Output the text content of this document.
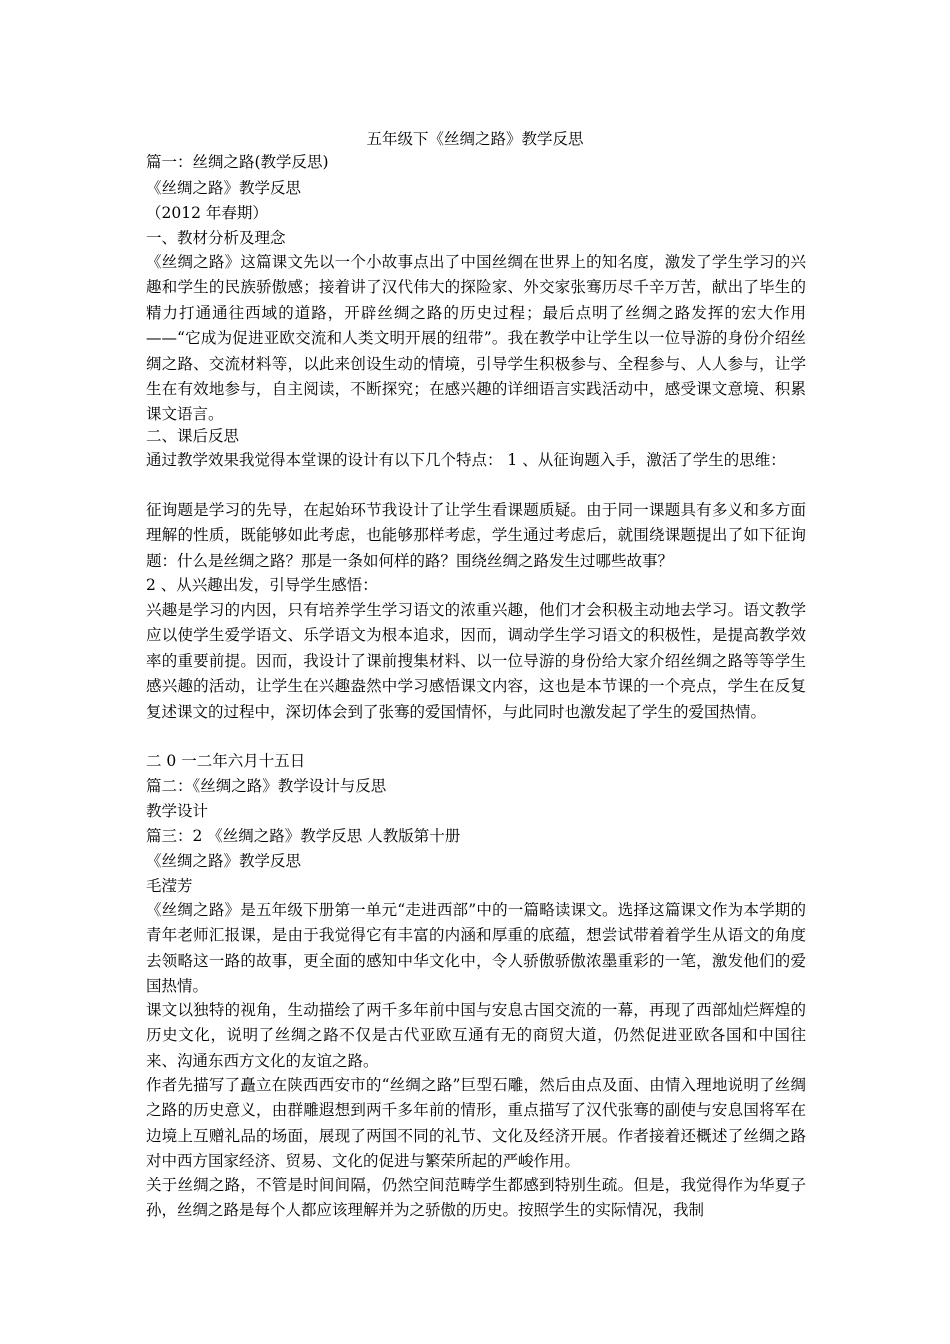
五年级下《丝绸之路》教学反思
篇一：丝绸之路(教学反思)
《丝绸之路》教学反思
（2012 年春期）
一、教材分析及理念
《丝绸之路》这篇课文先以一个小故事点出了中国丝绸在世界上的知名度，激发了学生学习的兴趣和学生的民族骄傲感；接着讲了汉代伟大的探险家、外交家张骞历尽千辛万苦，献出了毕生的精力打通通往西域的道路，开辟丝绸之路的历史过程；最后点明了丝绸之路发挥的宏大作用——“它成为促进亚欧交流和人类文明开展的纽带”。我在教学中让学生以一位导游的身份介绍丝绸之路、交流材料等，以此来创设生动的情境，引导学生积极参与、全程参与、人人参与，让学生在有效地参与，自主阅读，不断探究；在感兴趣的详细语言实践活动中，感受课文意境、积累课文语言。
二、课后反思
通过教学效果我觉得本堂课的设计有以下几个特点： 1 、从征询题入手，激活了学生的思维：
征询题是学习的先导，在起始环节我设计了让学生看课题质疑。由于同一课题具有多义和多方面理解的性质，既能够如此考虑，也能够那样考虑，学生通过考虑后，就围绕课题提出了如下征询题：什么是丝绸之路？那是一条如何样的路？围绕丝绸之路发生过哪些故事？
2 、从兴趣出发，引导学生感悟：
兴趣是学习的内因，只有培养学生学习语文的浓重兴趣，他们才会积极主动地去学习。语文教学应以使学生爱学语文、乐学语文为根本追求，因而，调动学生学习语文的积极性，是提高教学效率的重要前提。因而，我设计了课前搜集材料、以一位导游的身份给大家介绍丝绸之路等等学生感兴趣的活动，让学生在兴趣盎然中学习感悟课文内容，这也是本节课的一个亮点，学生在反复复述课文的过程中，深切体会到了张骞的爱国情怀，与此同时也激发起了学生的爱国热情。
二 0 一二年六月十五日
篇二：《丝绸之路》教学设计与反思
教学设计
篇三：2 《丝绸之路》教学反思 人教版第十册
《丝绸之路》教学反思
毛滢芳
《丝绸之路》是五年级下册第一单元“走进西部”中的一篇略读课文。选择这篇课文作为本学期的青年老师汇报课，是由于我觉得它有丰富的内涵和厚重的底蕴，想尝试带着着学生从语文的角度去领略这一路的故事，更全面的感知中华文化中，令人骄傲骄傲浓墨重彩的一笔，激发他们的爱国热情。
课文以独特的视角，生动描绘了两千多年前中国与安息古国交流的一幕，再现了西部灿烂辉煌的历史文化，说明了丝绸之路不仅是古代亚欧互通有无的商贸大道，仍然促进亚欧各国和中国往来、沟通东西方文化的友谊之路。
作者先描写了矗立在陕西西安市的“丝绸之路”巨型石雕，然后由点及面、由情入理地说明了丝绸之路的历史意义，由群雕遐想到两千多年前的情形，重点描写了汉代张骞的副使与安息国将军在边境上互赠礼品的场面，展现了两国不同的礼节、文化及经济开展。作者接着还概述了丝绸之路对中西方国家经济、贸易、文化的促进与繁荣所起的严峻作用。
关于丝绸之路，不管是时间间隔，仍然空间范畴学生都感到特别生疏。但是，我觉得作为华夏子孙，丝绸之路是每个人都应该理解并为之骄傲的历史。按照学生的实际情况，我制
